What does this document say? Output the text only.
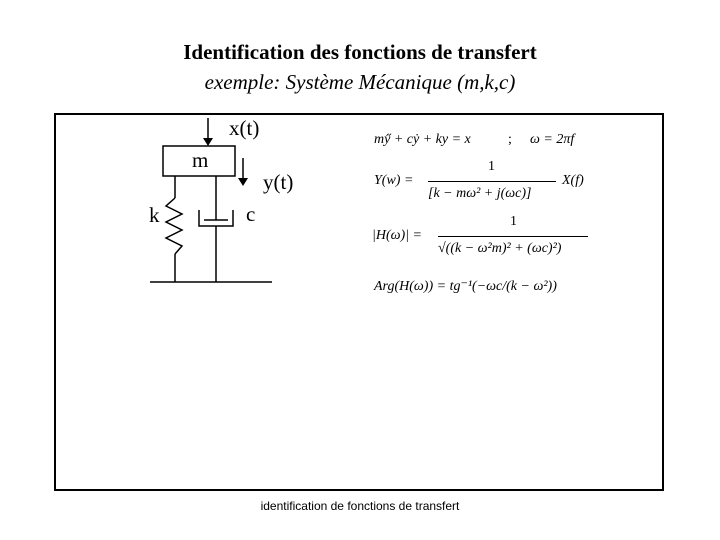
Identification des fonctions de transfert
exemple: Système Mécanique (m,k,c)
x(t)
m
y(t)
k	c
my̋ + cẏ + ky = x	; ω = 2πf
Y(w) =
1
[k − mω² + j(ωc)]
X(f)
|H(ω)| =
1
√((k − ω²m)² + (ωc)²)
Arg(H(ω)) = tg⁻¹(−ωc/(k − ω²))
identification de fonctions de transfert
